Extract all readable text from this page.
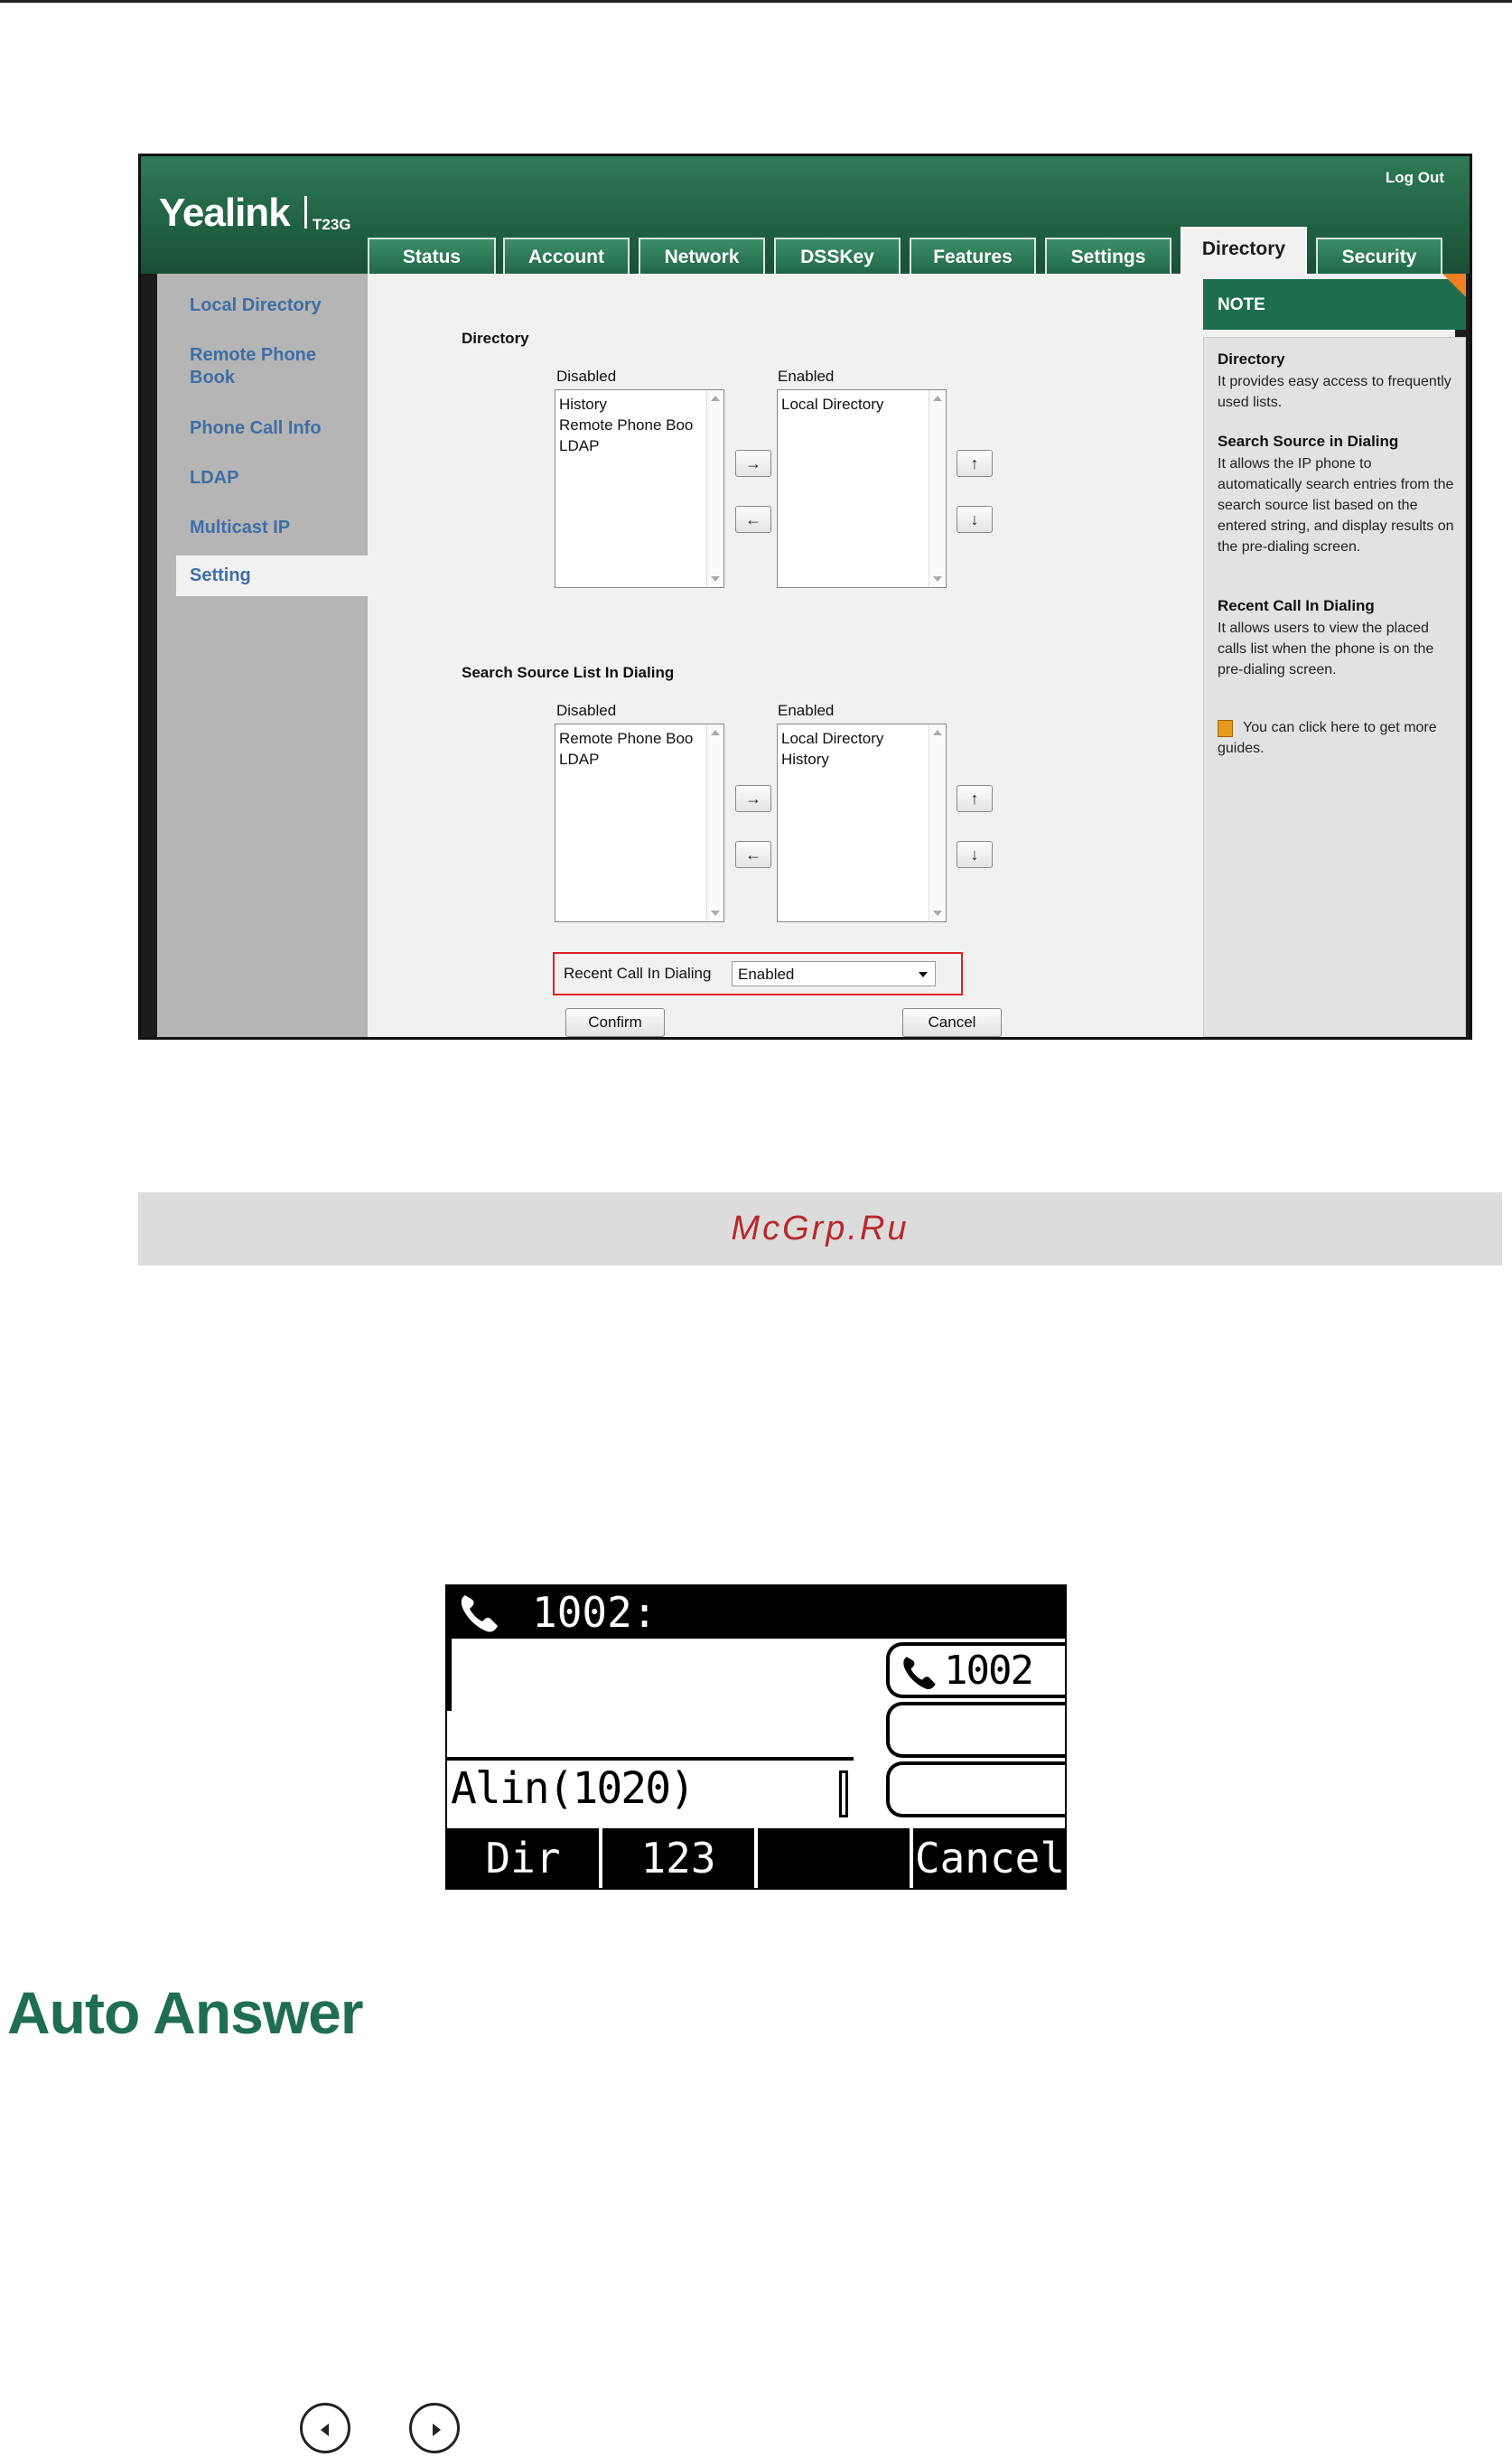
Yealink T23G
Log Out
Status	Account	Network	DSSKey	Features	Settings	Directory	Security
Local Directory
Remote Phone Book
Phone Call Info
LDAP
Multicast IP
Setting
Directory
Disabled	Enabled
History
Remote Phone Boo
LDAP
Local Directory
→
←
↑
↓
Search Source List In Dialing
Disabled	Enabled
Remote Phone Boo
LDAP
Local Directory
History
→
←
↑
↓
Recent Call In Dialing Enabled
Confirm	Cancel
NOTE
Directory
It provides easy access to frequently used lists.
Search Source in Dialing
It allows the IP phone to automatically search entries from the search source list based on the entered string, and display results on the pre-dialing screen.
Recent Call In Dialing
It allows users to view the placed calls list when the phone is on the pre-dialing screen.
You can click here to get more guides.
McGrp.Ru
1002:
Alin(1020)
1002
Dir	123	Cancel
Auto Answer
